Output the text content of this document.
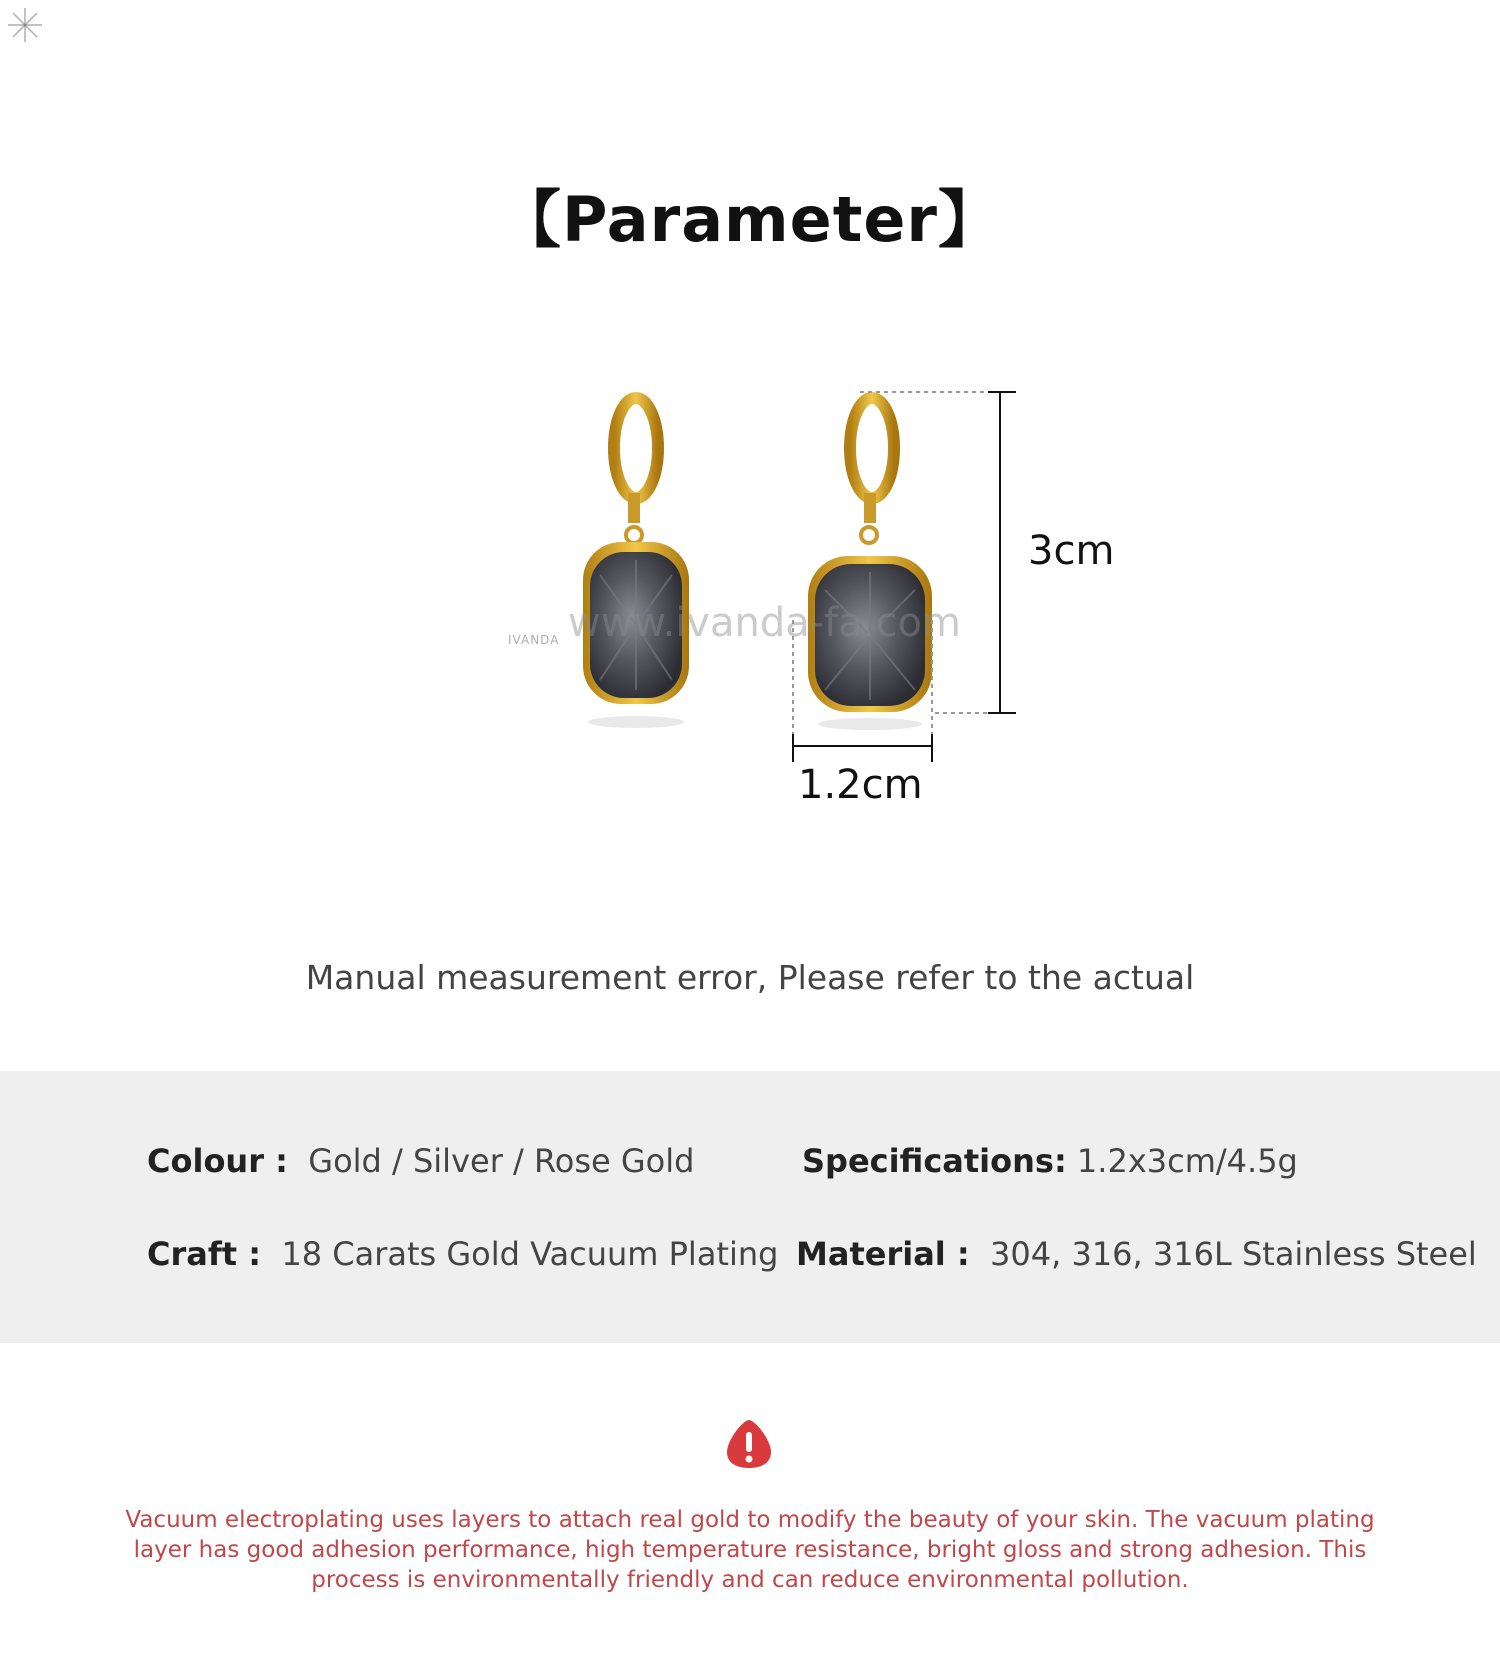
【Parameter】
IVANDA www.ivanda-fa.com
3cm
1.2cm
Manual measurement error, Please refer to the actual
Colour : Gold / Silver / Rose Gold	Specifications: 1.2x3cm/4.5g
Craft : 18 Carats Gold Vacuum Plating Material : 304, 316, 316L Stainless Steel
Vacuum electroplating uses layers to attach real gold to modify the beauty of your skin. The vacuum plating layer has good adhesion performance, high temperature resistance, bright gloss and strong adhesion. This process is environmentally friendly and can reduce environmental pollution.
